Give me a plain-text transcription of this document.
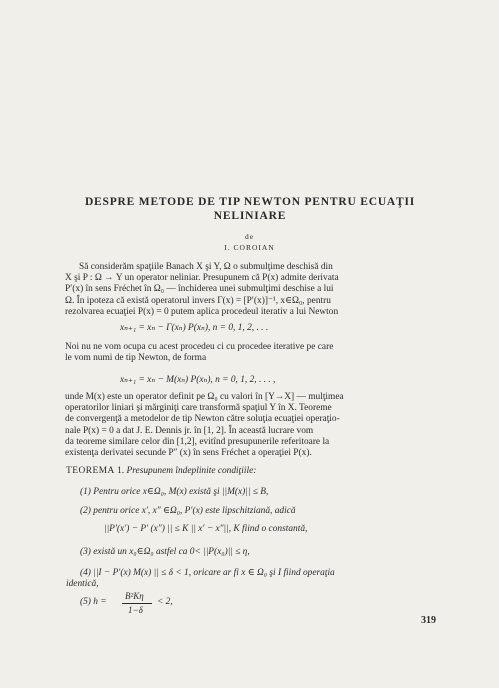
DESPRE METODE DE TIP NEWTON PENTRU ECUAŢII
NELINIARE
de
I. COROIAN
Să considerăm spaţiile Banach X şi Y, Ω o submulţime deschisă din
X şi P : Ω → Y un operator neliniar. Presupunem că P(x) admite derivata
P′(x) în sens Fréchet în Ω₀ — închiderea unei submulţimi deschise a lui
Ω. În ipoteza că există operatorul invers Γ(x) = [P′(x)]⁻¹, x∈Ω₀, pentru
rezolvarea ecuaţiei P(x) = 0 putem aplica procedeul iterativ a lui Newton
xₙ₊₁ = xₙ − Γ(xₙ) P(xₙ), n = 0, 1, 2, . . .
Noi nu ne vom ocupa cu acest procedeu ci cu procedee iterative pe care
le vom numi de tip Newton, de forma
xₙ₊₁ = xₙ − M(xₙ) P(xₙ), n = 0, 1, 2, . . . ,
unde M(x) este un operator definit pe Ω₀ cu valori în [Y→X] — mulţimea
operatorilor liniari şi mărginiţi care transformă spaţiul Y în X. Teoreme
de convergenţă a metodelor de tip Newton către soluţia ecuaţiei operaţio-
nale P(x) = 0 a dat J. E. Dennis jr. în [1, 2]. În această lucrare vom
da teoreme similare celor din [1,2], evitînd presupunerile referitoare la
existenţa derivatei secunde P″ (x) în sens Fréchet a operaţiei P(x).
TEOREMA 1. Presupunem îndeplinite condiţiile:
(1) Pentru orice x∈Ω₀, M(x) există şi ||M(x)|| ≤ B,
(2) pentru orice x′, x″ ∈Ω₀, P′(x) este lipschitziană, adică
||P′(x′) − P′ (x″) || ≤ K || x′ − x″||, K fiind o constantă,
(3) există un x₀∈Ω₀ astfel ca 0< ||P(x₀)|| ≤ η,
(4) ||I − P′(x) M(x) || ≤ δ < 1, oricare ar fi x ∈ Ω₀ şi I fiind operaţia
identică,
(5) h =
B²Kη
1−δ
< 2,
319
